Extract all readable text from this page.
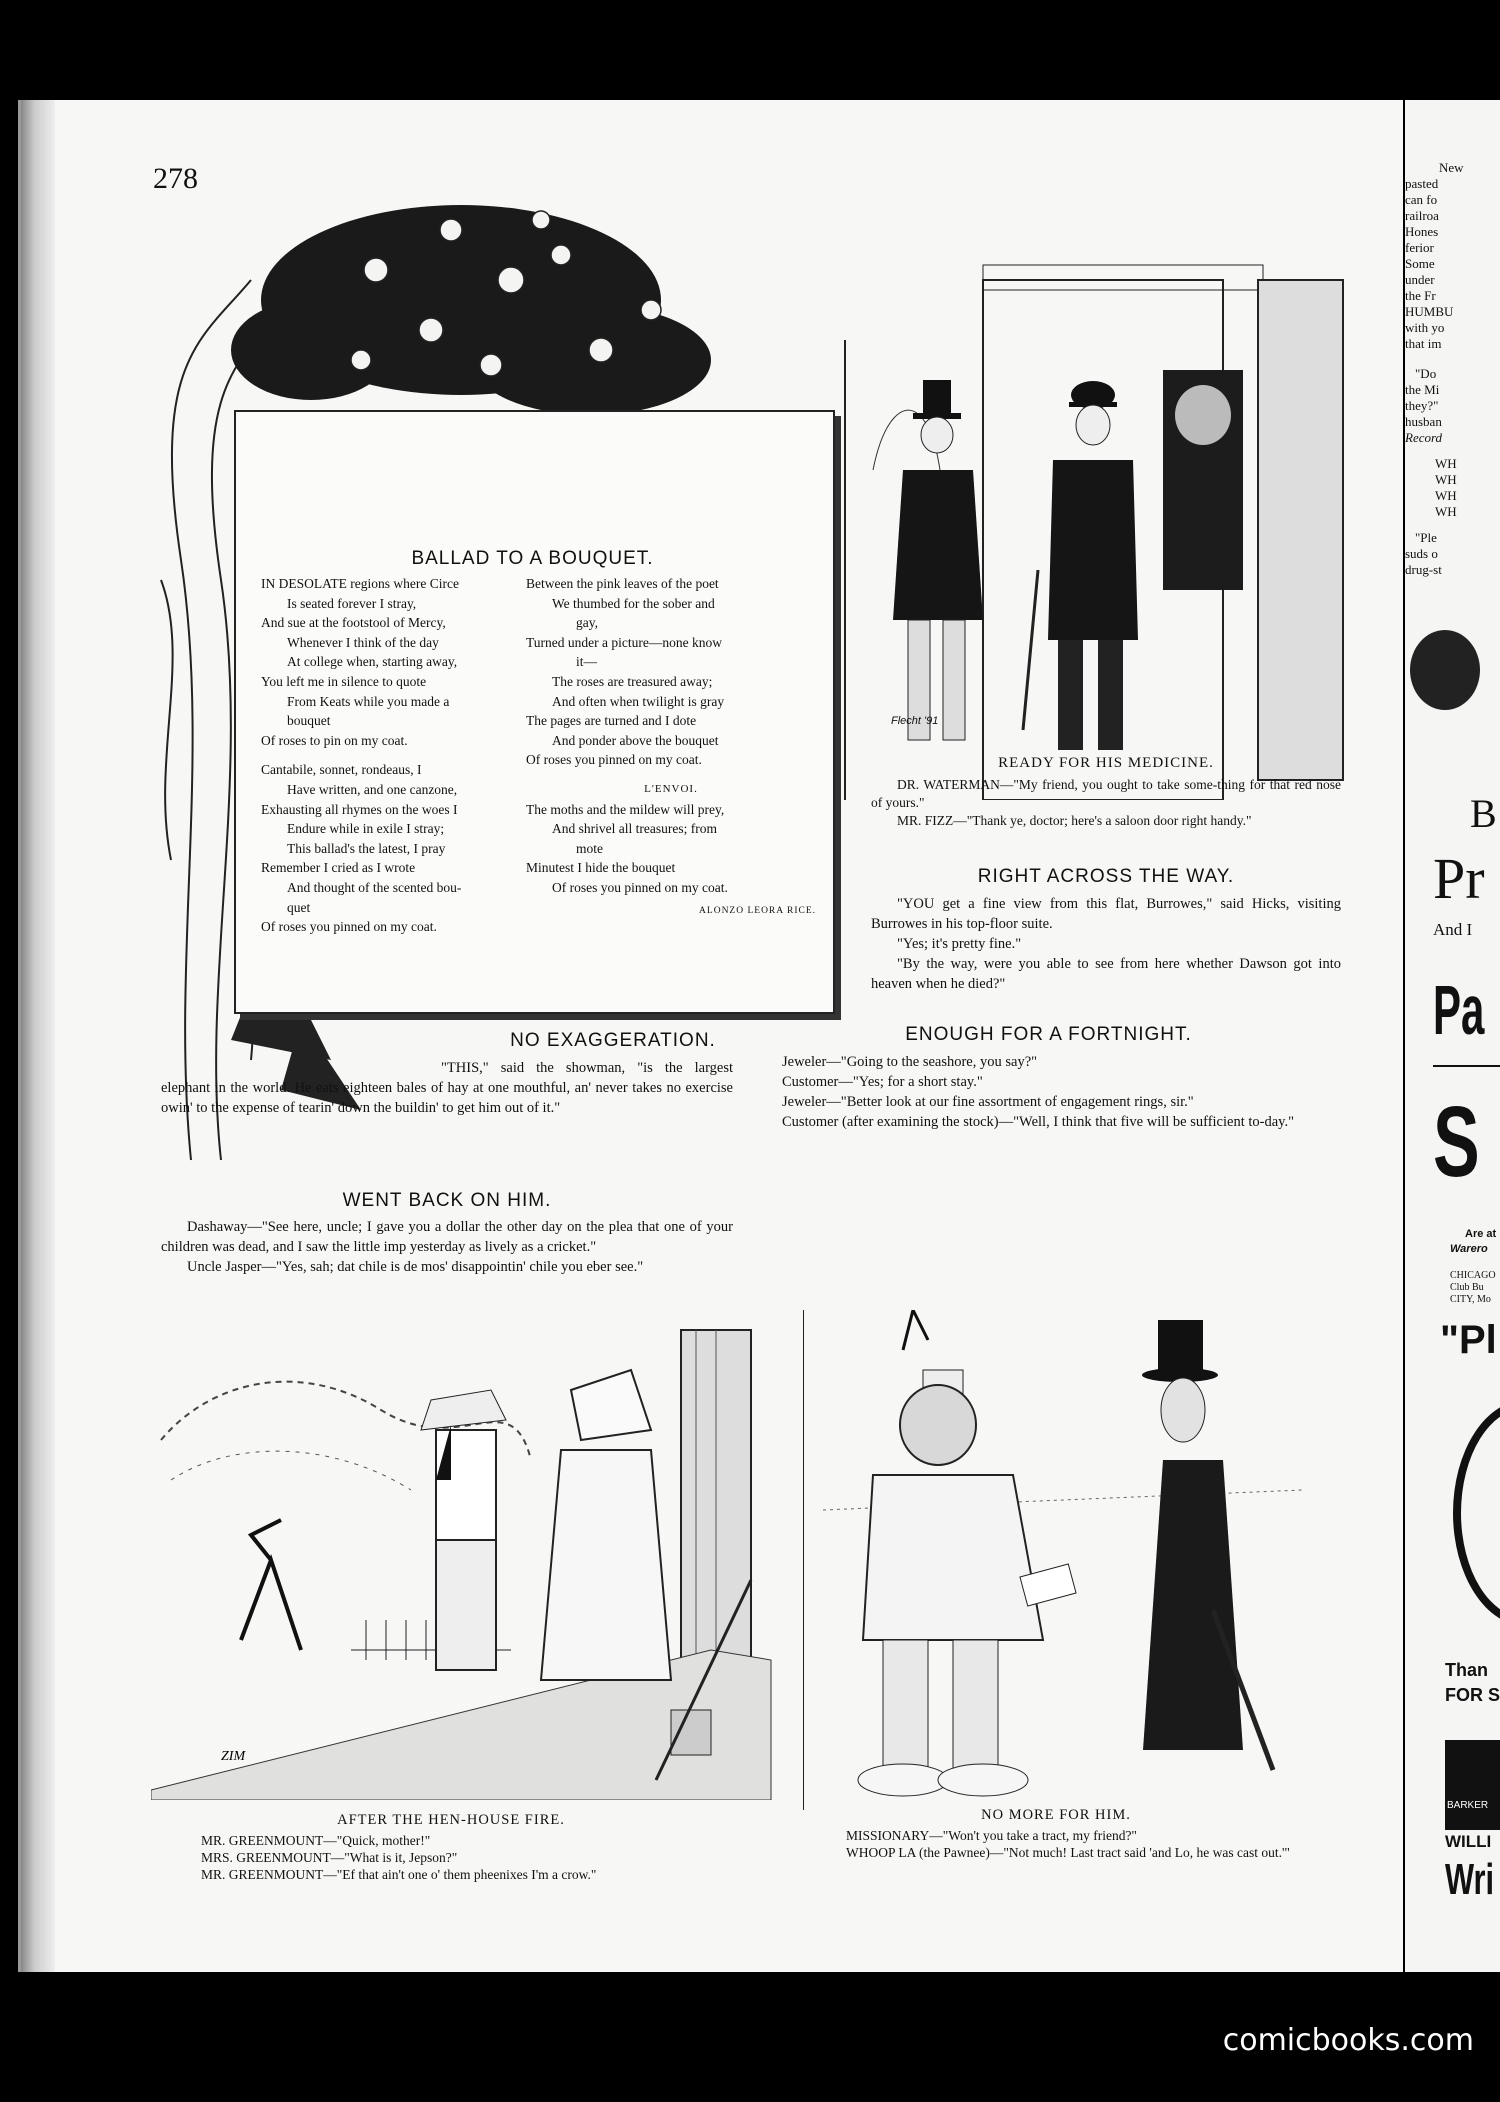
278
BALLAD TO A BOUQUET.
IN DESOLATE regions where Circe
Is seated forever I stray,
And sue at the footstool of Mercy,
Whenever I think of the day
At college when, starting away,
You left me in silence to quote
From Keats while you made a
bouquet
Of roses to pin on my coat.
Cantabile, sonnet, rondeaus, I
Have written, and one canzone,
Exhausting all rhymes on the woes I
Endure while in exile I stray;
This ballad's the latest, I pray
Remember I cried as I wrote
And thought of the scented bou-
quet
Of roses you pinned on my coat.
Between the pink leaves of the poet
We thumbed for the sober and
gay,
Turned under a picture—none know
it—
The roses are treasured away;
And often when twilight is gray
The pages are turned and I dote
And ponder above the bouquet
Of roses you pinned on my coat.
L'ENVOI.
The moths and the mildew will prey,
And shrivel all treasures; from
mote
Minutest I hide the bouquet
Of roses you pinned on my coat.
ALONZO LEORA RICE.
Flecht '91
READY FOR HIS MEDICINE.

DR. WATERMAN—"My friend, you ought to take some-thing for that red nose of yours."

MR. FIZZ—"Thank ye, doctor; here's a saloon door right handy."

RIGHT ACROSS THE WAY.

"YOU get a fine view from this flat, Burrowes," said Hicks, visiting Burrowes in his top-floor suite.

"Yes; it's pretty fine."

"By the way, were you able to see from here whether Dawson got into heaven when he died?"

NO EXAGGERATION.
"THIS," said the showman, "is the largest elephant in the world. He eats eighteen bales of hay at one mouthful, an' never takes no exercise owin' to the expense of tearin' down the buildin' to get him out of it."
ENOUGH FOR A FORTNIGHT.

Jeweler—"Going to the seashore, you say?"

Customer—"Yes; for a short stay."

Jeweler—"Better look at our fine assortment of engagement rings, sir."

Customer (after examining the stock)—"Well, I think that five will be sufficient to-day."

WENT BACK ON HIM.

Dashaway—"See here, uncle; I gave you a dollar the other day on the plea that one of your children was dead, and I saw the little imp yesterday as lively as a cricket."

Uncle Jasper—"Yes, sah; dat chile is de mos' disappointin' chile you eber see."

ZIM
AFTER THE HEN-HOUSE FIRE.
MR. GREENMOUNT—"Quick, mother!"
MRS. GREENMOUNT—"What is it, Jepson?"
MR. GREENMOUNT—"Ef that ain't one o' them pheenixes I'm a crow."
NO MORE FOR HIM.
MISSIONARY—"Won't you take a tract, my friend?"
WHOOP LA (the Pawnee)—"Not much! Last tract said 'and Lo, he was cast out.'"
New
pasted
can fo
railroa
Hones
ferior
Some
under
the Fr
HUMBU
with yo
that im
"Do
the Mi
they?"
husban
Record
WH
WH
WH
WH
"Ple
suds o
drug-st
B
Pr
And I
Pa
S
Are at
Warero
CHICAGO
Club Bu
CITY, Mo
"Pl
Than
FOR S
BARKER
WILLI
Wri
comicbooks.com
